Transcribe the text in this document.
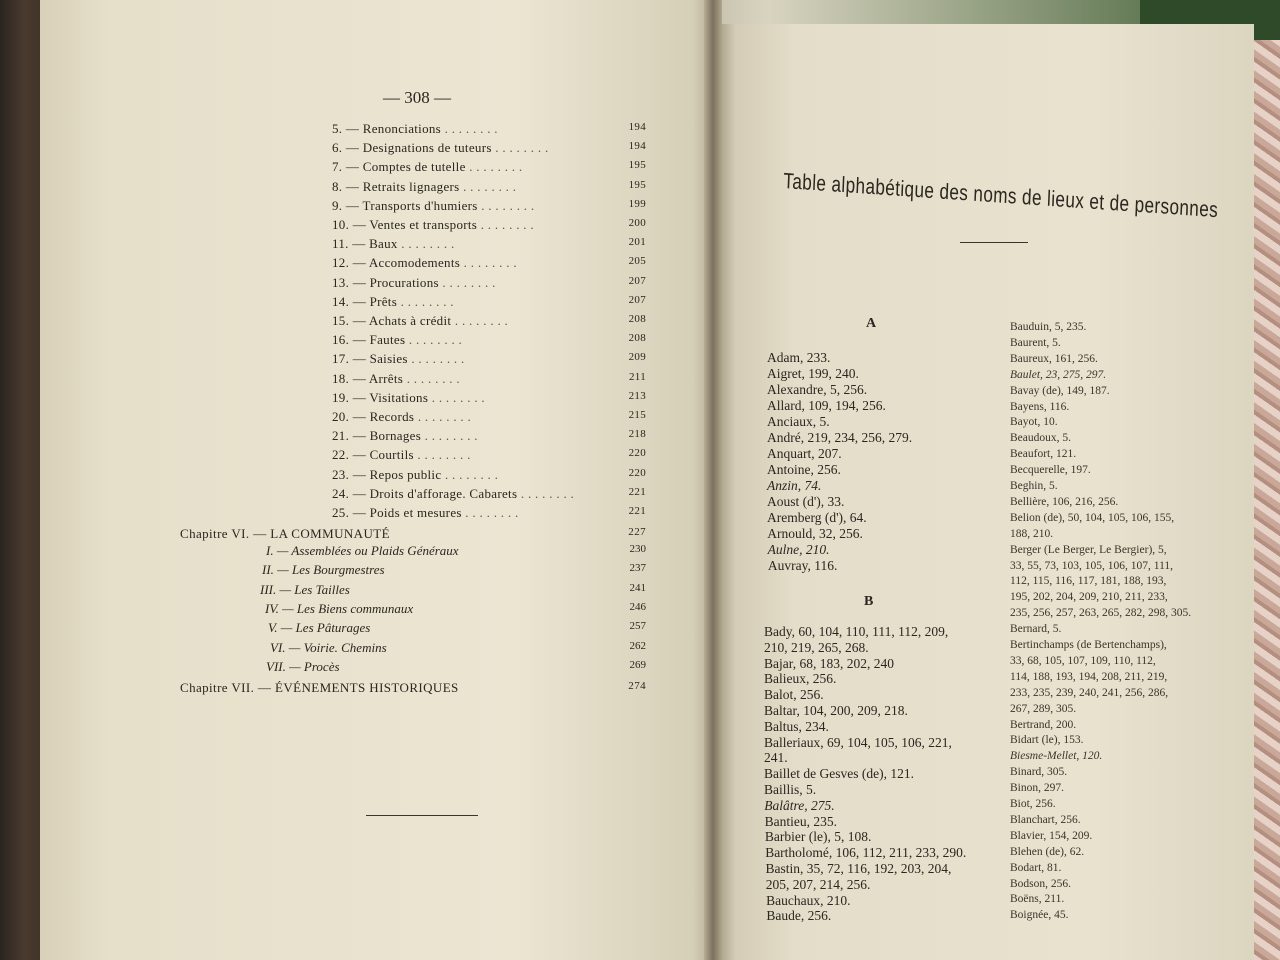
— 308 —
5. — Renonciations . . . . . . . .	194
6. — Designations de tuteurs . . . . . . . .	194
7. — Comptes de tutelle . . . . . . . .	195
8. — Retraits lignagers . . . . . . . .	195
9. — Transports d'humiers . . . . . . . .	199
10. — Ventes et transports . . . . . . . .	200
11. — Baux . . . . . . . .	201
12. — Accomodements . . . . . . . .	205
13. — Procurations . . . . . . . .	207
14. — Prêts . . . . . . . .	207
15. — Achats à crédit . . . . . . . .	208
16. — Fautes . . . . . . . .	208
17. — Saisies . . . . . . . .	209
18. — Arrêts . . . . . . . .	211
19. — Visitations . . . . . . . .	213
20. — Records . . . . . . . .	215
21. — Bornages . . . . . . . .	218
22. — Courtils . . . . . . . .	220
23. — Repos public . . . . . . . .	220
24. — Droits d'afforage. Cabarets . . . . . . . .	221
25. — Poids et mesures . . . . . . . .	221
Chapitre VI. — LA COMMUNAUTÉ	227
I. — Assemblées ou Plaids Généraux	230
II. — Les Bourgmestres	237
III. — Les Tailles	241
IV. — Les Biens communaux	246
V. — Les Pâturages	257
VI. — Voirie. Chemins	262
VII. — Procès	269
Chapitre VII. — ÉVÉNEMENTS HISTORIQUES	274
Table alphabétique des noms de lieux et de personnes
A
B
Adam, 233.
Aigret, 199, 240.
Alexandre, 5, 256.
Allard, 109, 194, 256.
Anciaux, 5.
André, 219, 234, 256, 279.
Anquart, 207.
Antoine, 256.
Anzin, 74.
Aoust (d'), 33.
Aremberg (d'), 64.
Arnould, 32, 256.
Aulne, 210.
Auvray, 116.
Bady, 60, 104, 110, 111, 112, 209,
210, 219, 265, 268.
Bajar, 68, 183, 202, 240
Balieux, 256.
Balot, 256.
Baltar, 104, 200, 209, 218.
Baltus, 234.
Balleriaux, 69, 104, 105, 106, 221,
241.
Baillet de Gesves (de), 121.
Baillis, 5.
Balâtre, 275.
Bantieu, 235.
Barbier (le), 5, 108.
Bartholomé, 106, 112, 211, 233, 290.
Bastin, 35, 72, 116, 192, 203, 204,
205, 207, 214, 256.
Bauchaux, 210.
Baude, 256.
Bauduin, 5, 235.
Baurent, 5.
Baureux, 161, 256.
Baulet, 23, 275, 297.
Bavay (de), 149, 187.
Bayens, 116.
Bayot, 10.
Beaudoux, 5.
Beaufort, 121.
Becquerelle, 197.
Beghin, 5.
Bellière, 106, 216, 256.
Belion (de), 50, 104, 105, 106, 155,
188, 210.
Berger (Le Berger, Le Bergier), 5,
33, 55, 73, 103, 105, 106, 107, 111,
112, 115, 116, 117, 181, 188, 193,
195, 202, 204, 209, 210, 211, 233,
235, 256, 257, 263, 265, 282, 298, 305.
Bernard, 5.
Bertinchamps (de Bertenchamps),
33, 68, 105, 107, 109, 110, 112,
114, 188, 193, 194, 208, 211, 219,
233, 235, 239, 240, 241, 256, 286,
267, 289, 305.
Bertrand, 200.
Bidart (le), 153.
Biesme-Mellet, 120.
Binard, 305.
Binon, 297.
Biot, 256.
Blanchart, 256.
Blavier, 154, 209.
Blehen (de), 62.
Bodart, 81.
Bodson, 256.
Boëns, 211.
Boignée, 45.
